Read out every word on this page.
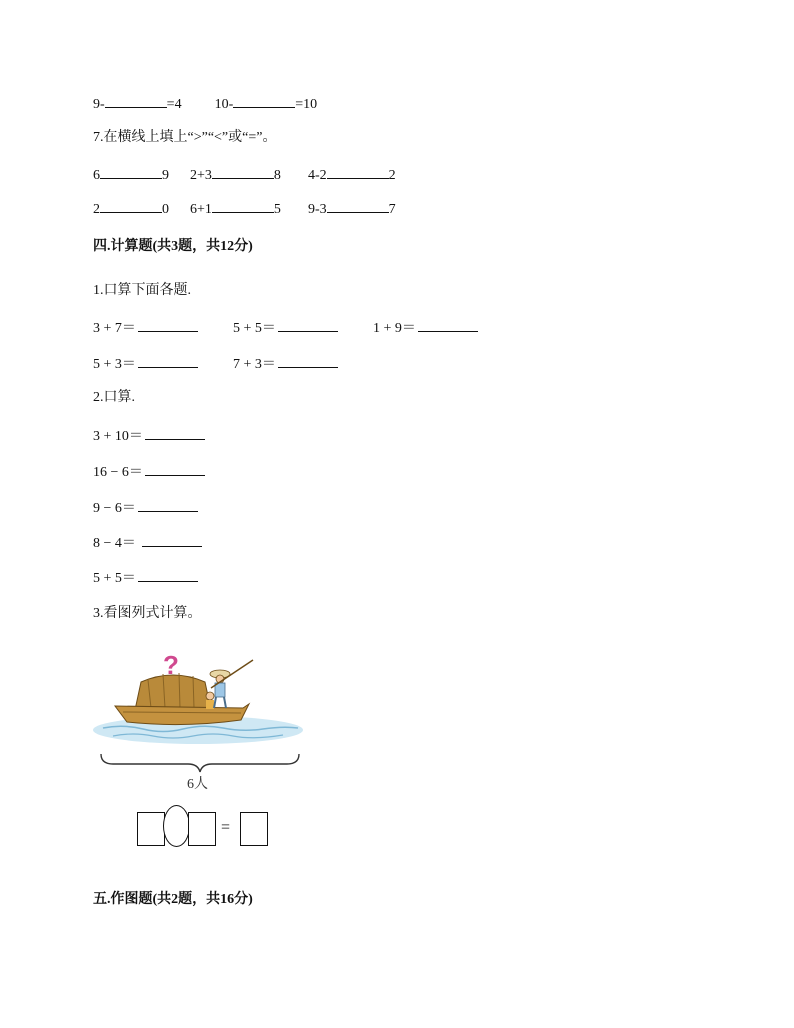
9-	=4 10-	=10
7.在横线上填上“>”“<”或“=”。
6	9 2+3	8 4-2	2
2	0 6+1	5 9-3	7
四.计算题(共3题，共12分)
1.口算下面各题.
3 + 7＝	5 + 5＝	1 + 9＝
5 + 3＝	7 + 3＝
2.口算.
3 + 10＝
16 − 6＝
9 − 6＝
8 − 4＝
5 + 5＝
3.看图列式计算。
?
6人
=
五.作图题(共2题，共16分)
